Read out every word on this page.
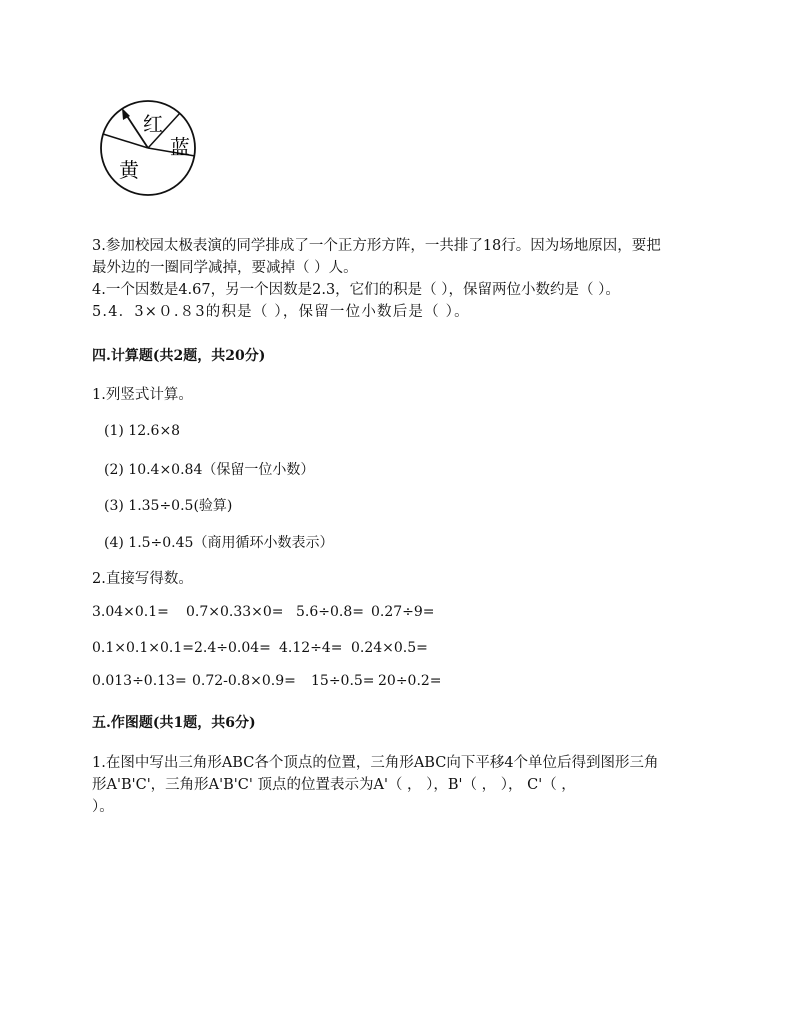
红
蓝
黄
3.参加校园太极表演的同学排成了一个正方形方阵，一共排了18行。因为场地原因，要把
最外边的一圈同学减掉，要减掉（ ）人。
4.一个因数是4.67，另一个因数是2.3，它们的积是（ ），保留两位小数约是（ ）。
5.4．3×０.８3的积是（ ），保留一位小数后是（ ）。
四.计算题(共2题，共20分)
1.列竖式计算。
(1) 12.6×8
(2) 10.4×0.84（保留一位小数）
(3) 1.35÷0.5(验算)
(4) 1.5÷0.45（商用循环小数表示）
2.直接写得数。
3.04×0.1= 0.7×0.33×0= 5.6÷0.8= 0.27÷9=
0.1×0.1×0.1=2.4÷0.04= 4.12÷4= 0.24×0.5=
0.013÷0.13= 0.72-0.8×0.9= 15÷0.5= 20÷0.2=
五.作图题(共1题，共6分)
1.在图中写出三角形ABC各个顶点的位置，三角形ABC向下平移4个单位后得到图形三角
形A'B'C'，三角形A'B'C' 顶点的位置表示为A'（ ， ），B'（ ， ）， C'（ ，
）。
